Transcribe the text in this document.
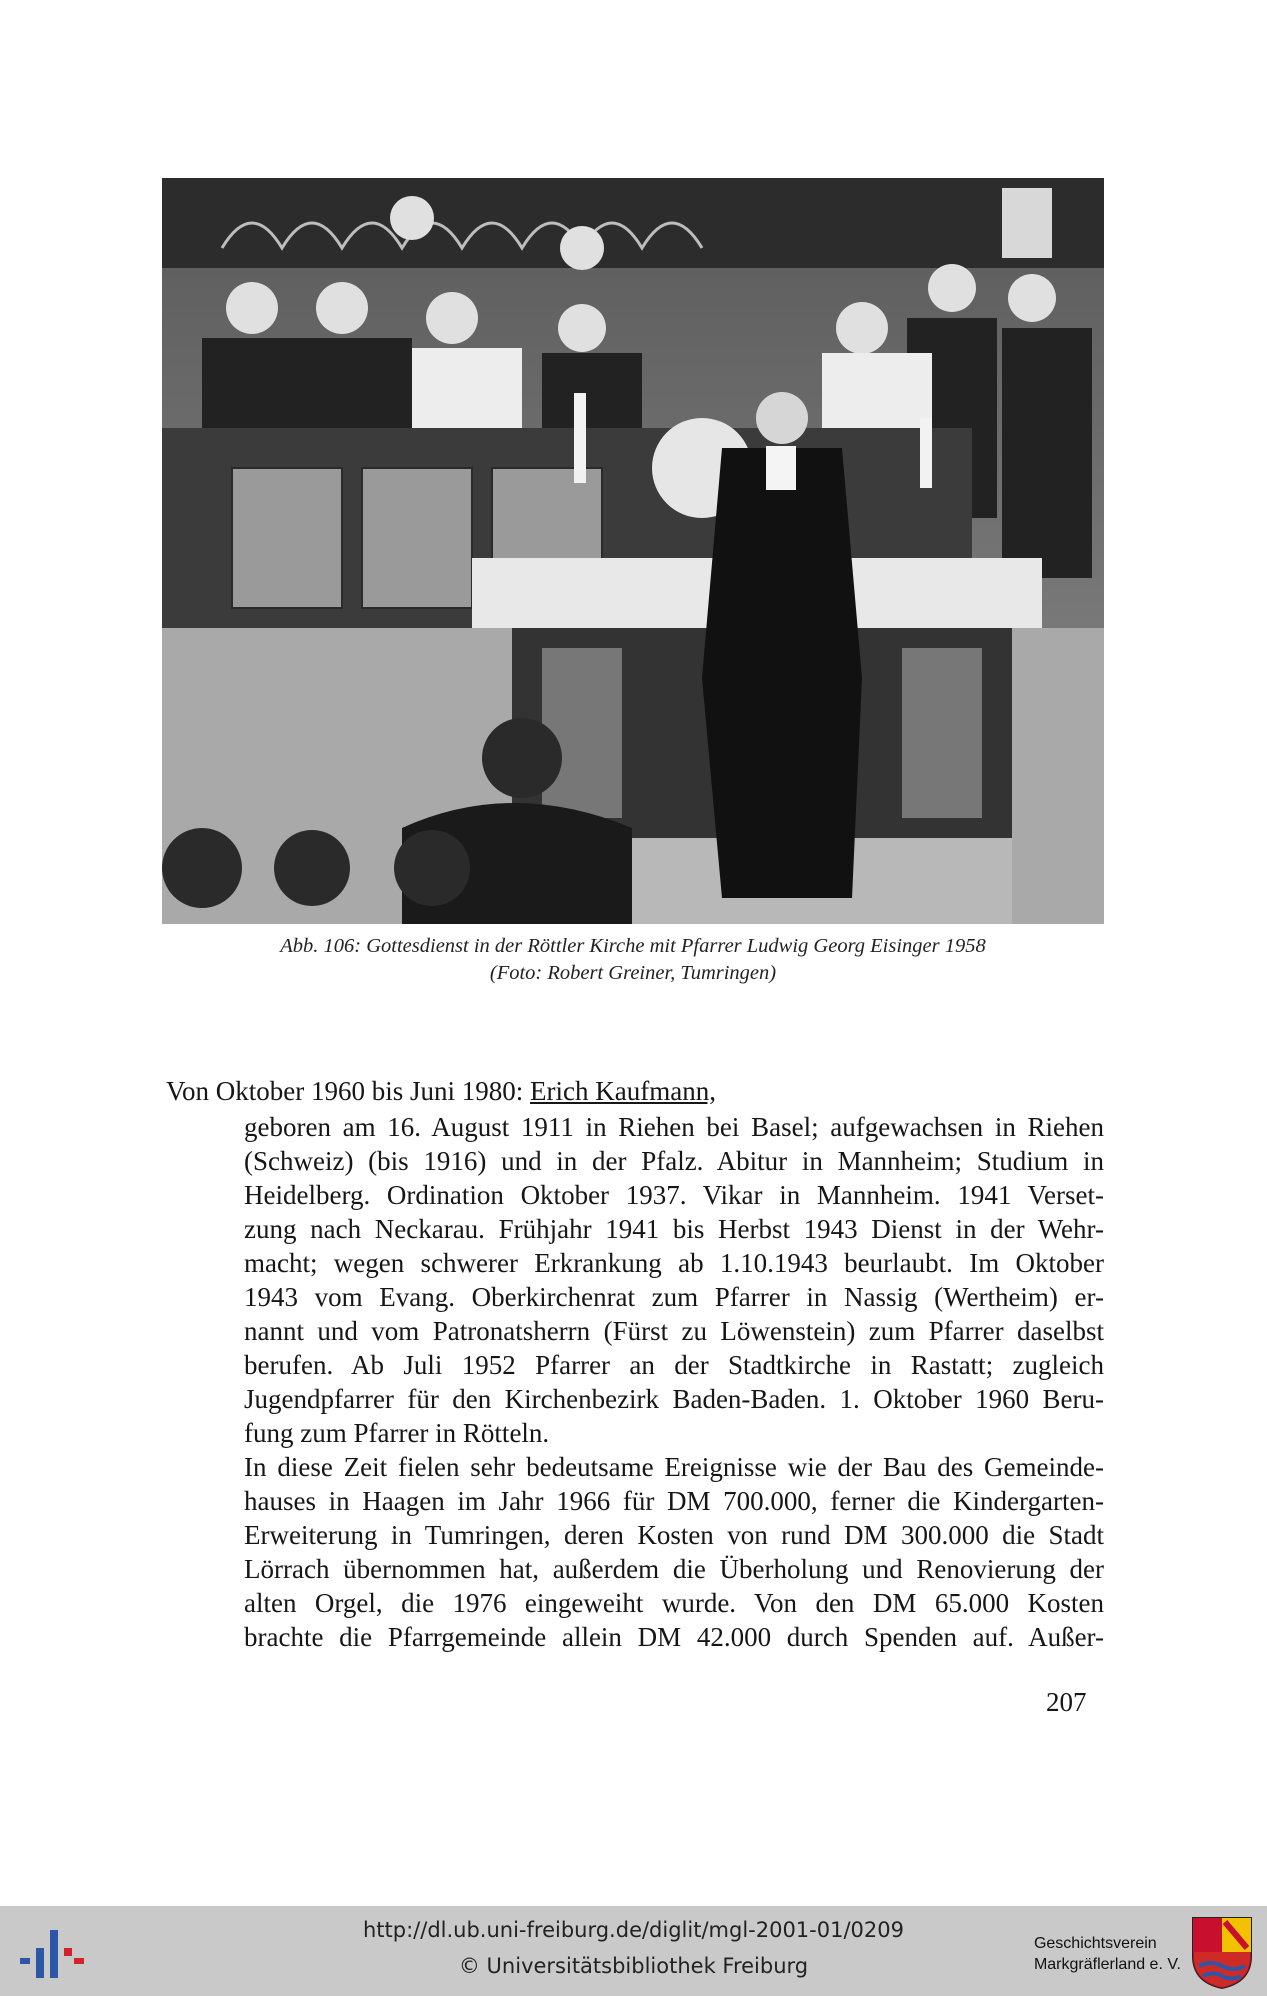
Abb. 106: Gottesdienst in der Röttler Kirche mit Pfarrer Ludwig Georg Eisinger 1958
(Foto: Robert Greiner, Tumringen)
Von Oktober 1960 bis Juni 1980: Erich Kaufmann,
geboren am 16. August 1911 in Riehen bei Basel; aufgewachsen in Riehen
(Schweiz) (bis 1916) und in der Pfalz. Abitur in Mannheim; Studium in
Heidelberg. Ordination Oktober 1937. Vikar in Mannheim. 1941 Verset-
zung nach Neckarau. Frühjahr 1941 bis Herbst 1943 Dienst in der Wehr-
macht; wegen schwerer Erkrankung ab 1.10.1943 beurlaubt. Im Oktober
1943 vom Evang. Oberkirchenrat zum Pfarrer in Nassig (Wertheim) er-
nannt und vom Patronatsherrn (Fürst zu Löwenstein) zum Pfarrer daselbst
berufen. Ab Juli 1952 Pfarrer an der Stadtkirche in Rastatt; zugleich
Jugendpfarrer für den Kirchenbezirk Baden-Baden. 1. Oktober 1960 Beru-
fung zum Pfarrer in Rötteln.
In diese Zeit fielen sehr bedeutsame Ereignisse wie der Bau des Gemeinde-
hauses in Haagen im Jahr 1966 für DM 700.000, ferner die Kindergarten-
Erweiterung in Tumringen, deren Kosten von rund DM 300.000 die Stadt
Lörrach übernommen hat, außerdem die Überholung und Renovierung der
alten Orgel, die 1976 eingeweiht wurde. Von den DM 65.000 Kosten
brachte die Pfarrgemeinde allein DM 42.000 durch Spenden auf. Außer-
207
http://dl.ub.uni-freiburg.de/diglit/mgl-2001-01/0209
© Universitätsbibliothek Freiburg
Geschichtsverein
Markgräflerland e. V.
